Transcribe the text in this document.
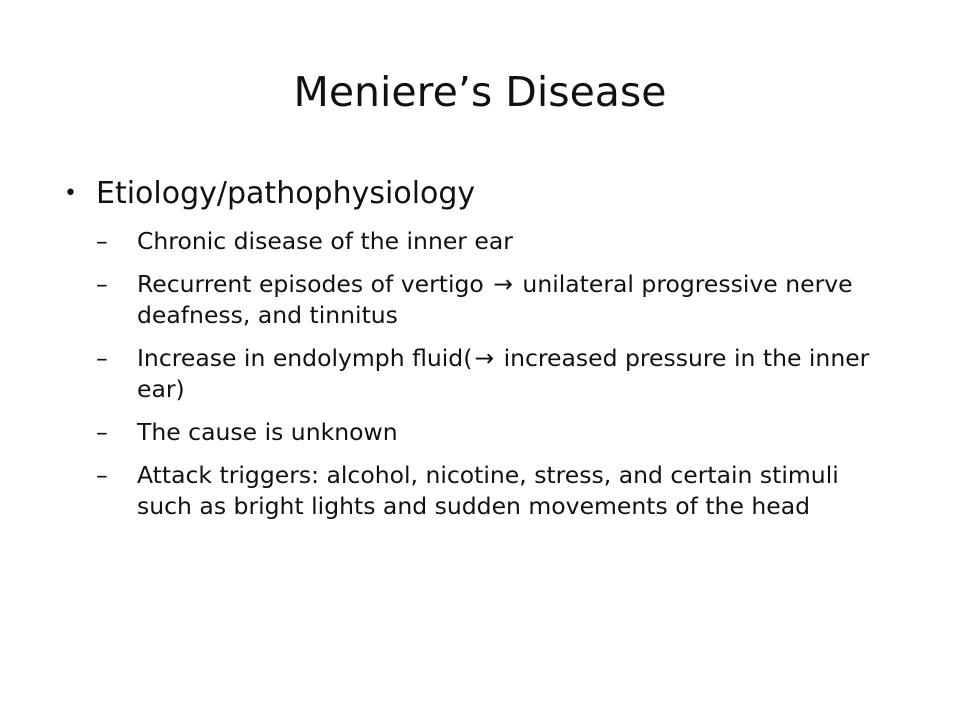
Meniere’s Disease
• Etiology/pathophysiology
– Chronic disease of the inner ear
– Recurrent episodes of vertigo → unilateral progressive nerve deafness, and tinnitus
– Increase in endolymph fluid(→ increased pressure in the inner ear)
– The cause is unknown
– Attack triggers: alcohol, nicotine, stress, and certain stimuli such as bright lights and sudden movements of the head
